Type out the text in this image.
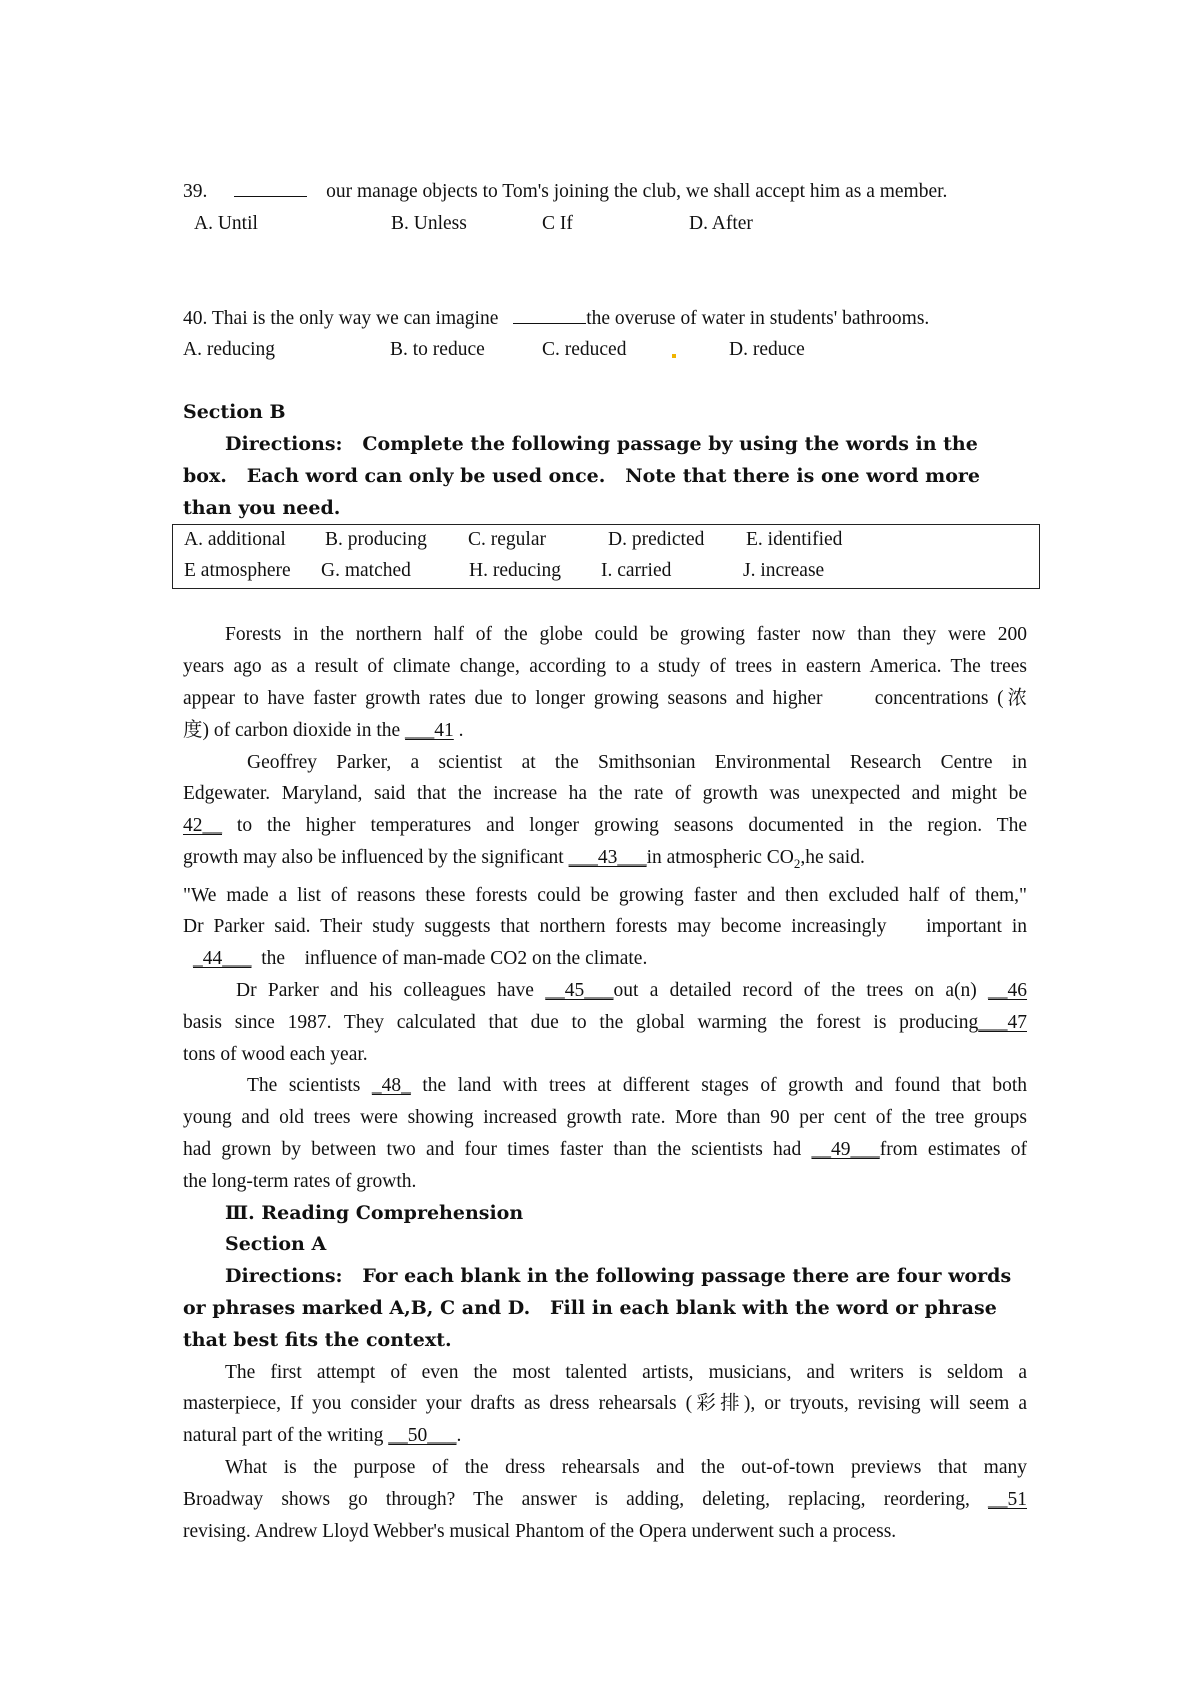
39.	our manage objects to Tom's joining the club, we shall accept him as a member.
A. Until	B. Unless	C If	D. After
40. Thai is the only way we can imagine	the overuse of water in students' bathrooms.
A. reducing	B. to reduce	C. reduced	D. reduce
Section B
Directions:   Complete the following passage by using the words in the
box.   Each word can only be used once.   Note that there is one word more
than you need.
A. additional B. producing C. regular	D. predicted E. identified
E atmosphere G. matched	H. reducing I. carried	J. increase
Forests in the northern half of the globe could be growing faster now than they were 200
years ago as a result of climate change, according to a study of trees in eastern America. The trees
appear to have faster growth rates due to longer growing seasons and higher      concentrations (浓
度) of carbon dioxide in the ___41 .
Geoffrey Parker, a scientist at the Smithsonian Environmental Research Centre in
Edgewater. Maryland, said that the increase ha the rate of growth was unexpected and might be
42__ to the higher temperatures and longer growing seasons documented in the region. The
growth may also be influenced by the significant ___43___in atmospheric $CO_2,he$ said.
"We made a list of reasons these forests could be growing faster and then excluded half of them,"
Dr Parker said. Their study suggests that northern forests may become increasingly    important in
_44___  the    influence of man-made CO2 on the climate.
Dr Parker and his colleagues have __45___out a detailed record of the trees on a(n) __46
basis since 1987. They calculated that due to the global warming the forest is producing___47
tons of wood each year.
The scientists _48_ the land with trees at different stages of growth and found that both
young and old trees were showing increased growth rate. More than 90 per cent of the tree groups
had grown by between two and four times faster than the scientists had __49___from estimates of
the long-term rates of growth.
Ⅲ. Reading Comprehension
Section A
Directions:   For each blank in the following passage there are four words
or phrases marked A,B, C and D.   Fill in each blank with the word or phrase
that best fits the context.
The first attempt of even the most talented artists, musicians, and writers is seldom a
masterpiece, If you consider your drafts as dress rehearsals (彩排), or tryouts, revising will seem a
natural part of the writing __50___.
What is the purpose of the dress rehearsals and the out-of-town previews that many
Broadway shows go through? The answer is adding, deleting, replacing, reordering, __51
revising. Andrew Lloyd Webber's musical Phantom of the Opera underwent such a process.
